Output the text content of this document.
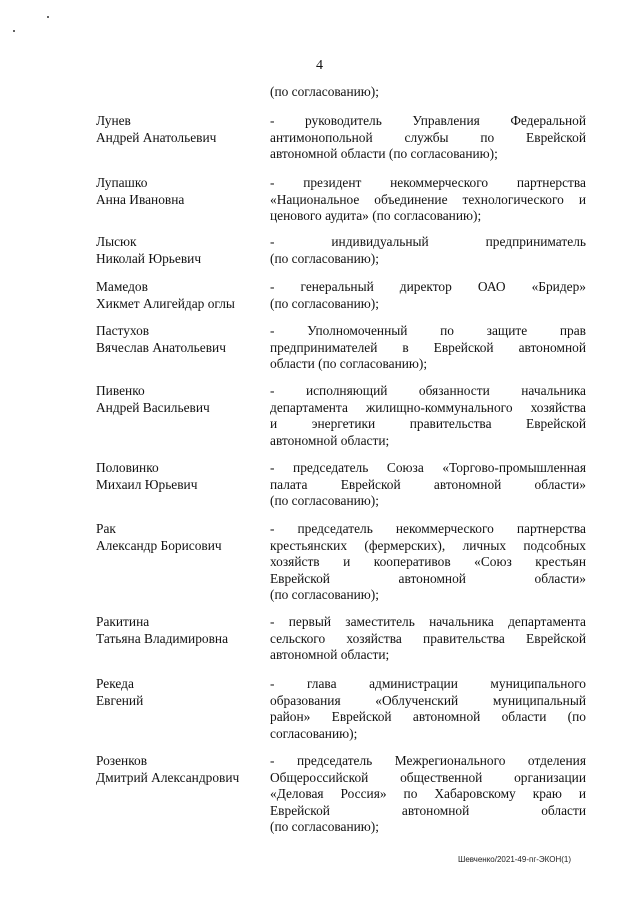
4
(по согласованию);
Лунев
Андрей Анатольевич
- руководитель Управления Федеральной
антимонопольной службы по Еврейской
автономной области (по согласованию);
Лупашко
Анна Ивановна
- президент некоммерческого партнерства
«Национальное объединение технологического и
ценового аудита» (по согласованию);
Лысюк
Николай Юрьевич
- индивидуальный предприниматель
(по согласованию);
Мамедов
Хикмет Алигейдар оглы
- генеральный директор ОАО «Бридер»
(по согласованию);
Пастухов
Вячеслав Анатольевич
- Уполномоченный по защите прав
предпринимателей в Еврейской автономной
области (по согласованию);
Пивенко
Андрей Васильевич
- исполняющий обязанности начальника
департамента жилищно-коммунального хозяйства
и энергетики правительства Еврейской
автономной области;
Половинко
Михаил Юрьевич
- председатель Союза «Торгово-промышленная
палата Еврейской автономной области»
(по согласованию);
Рак
Александр Борисович
- председатель некоммерческого партнерства
крестьянских (фермерских), личных подсобных
хозяйств и кооперативов «Союз крестьян
Еврейской автономной области»
(по согласованию);
Ракитина
Татьяна Владимировна
- первый заместитель начальника департамента
сельского хозяйства правительства Еврейской
автономной области;
Рекеда
Евгений
- глава администрации муниципального
образования «Облученский муниципальный
район» Еврейской автономной области (по
согласованию);
Розенков
Дмитрий Александрович
- председатель Межрегионального отделения
Общероссийской общественной организации
«Деловая Россия» по Хабаровскому краю и
Еврейской автономной области
(по согласованию);
Шевченко/2021-49-пг-ЭКОН(1)
